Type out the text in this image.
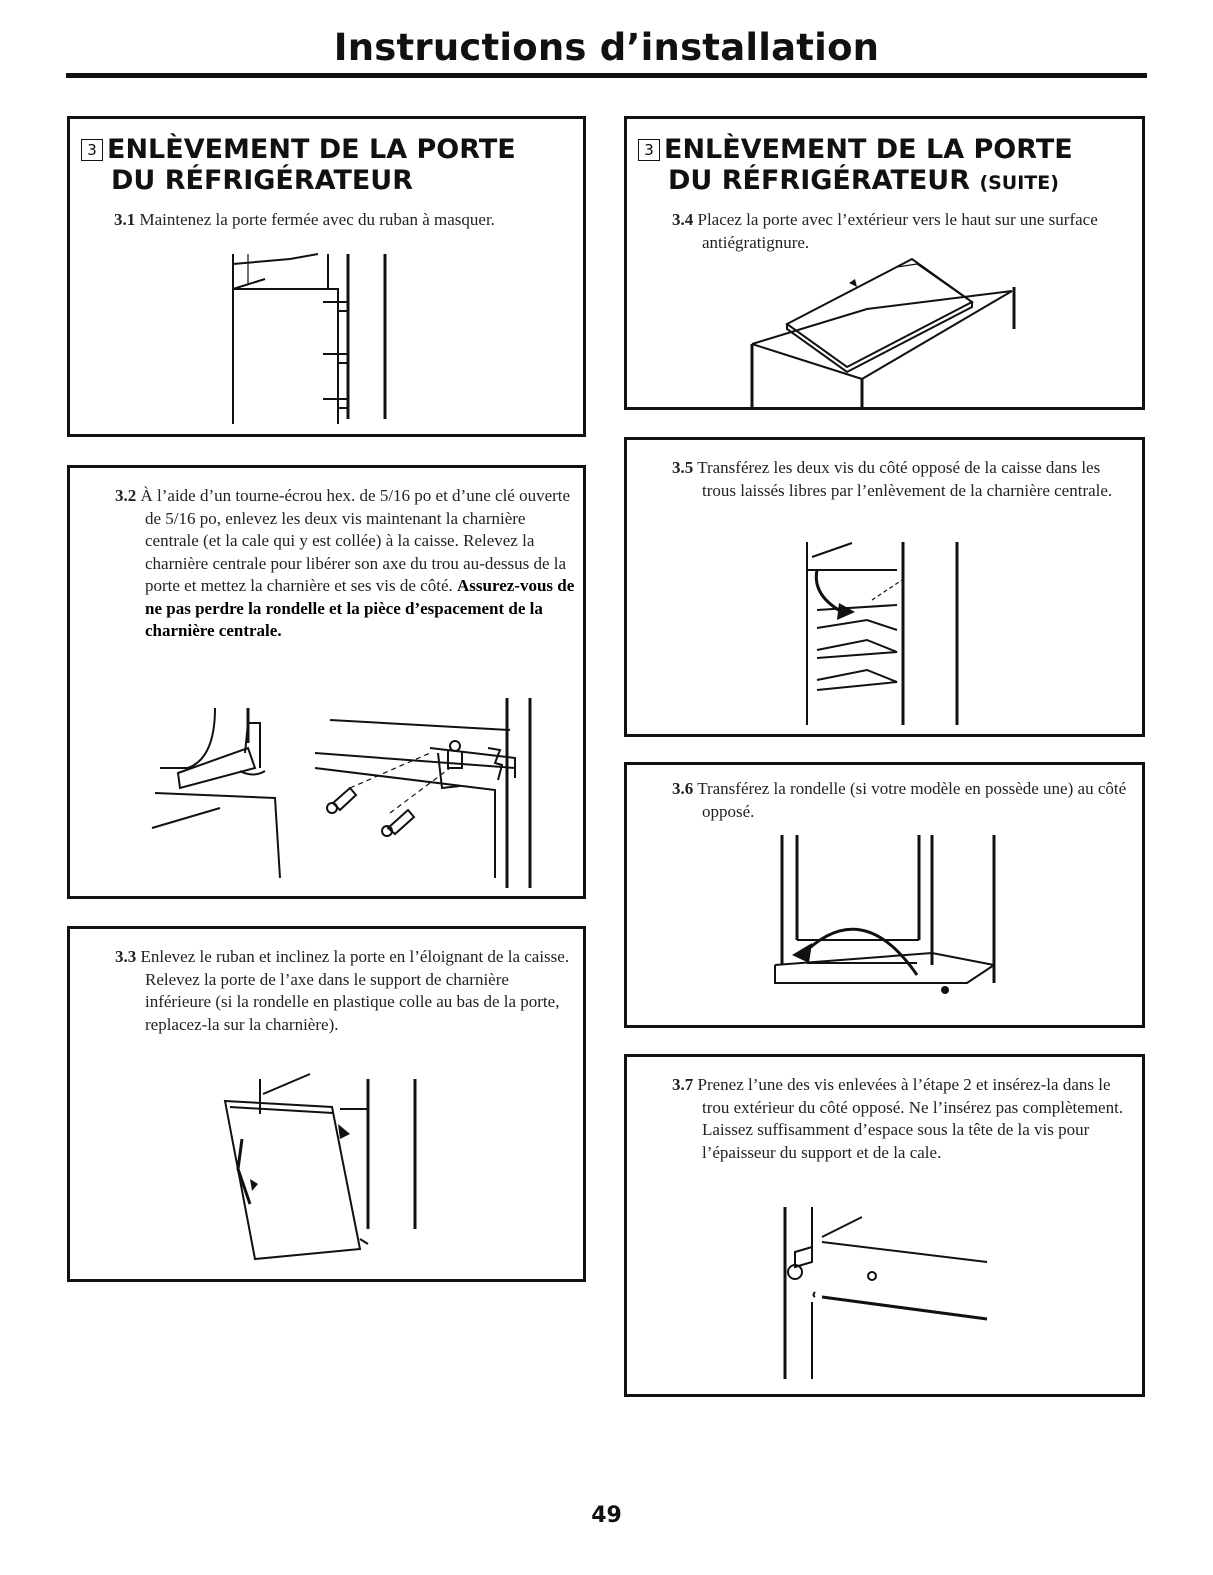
Instructions d’installation
3 ENLÈVEMENT DE LA PORTE
DU RÉFRIGÉRATEUR
3.1 Maintenez la porte fermée avec du ruban à masquer.
3.2 À l’aide d’un tourne-écrou hex. de 5/16 po et d’une clé ouverte de 5/16 po, enlevez les deux vis maintenant la charnière centrale (et la cale qui y est collée) à la caisse. Relevez la charnière centrale pour libérer son axe du trou au-dessus de la porte et mettez la charnière et ses vis de côté. Assurez-vous de ne pas perdre la rondelle et la pièce d’espacement de la charnière centrale.
3.3 Enlevez le ruban et inclinez la porte en l’éloignant de la caisse. Relevez la porte de l’axe dans le support de charnière inférieure (si la rondelle en plastique colle au bas de la porte, replacez-la sur la charnière).
3 ENLÈVEMENT DE LA PORTE
DU RÉFRIGÉRATEUR (SUITE)
3.4 Placez la porte avec l’extérieur vers le haut sur une surface antiégratignure.
3.5 Transférez les deux vis du côté opposé de la caisse dans les trous laissés libres par l’enlèvement de la charnière centrale.
3.6 Transférez la rondelle (si votre modèle en possède une) au côté opposé.
3.7 Prenez l’une des vis enlevées à l’étape 2 et insérez-la dans le trou extérieur du côté opposé. Ne l’insérez pas complètement. Laissez suffisamment d’espace sous la tête de la vis pour l’épaisseur du support et de la cale.
49
